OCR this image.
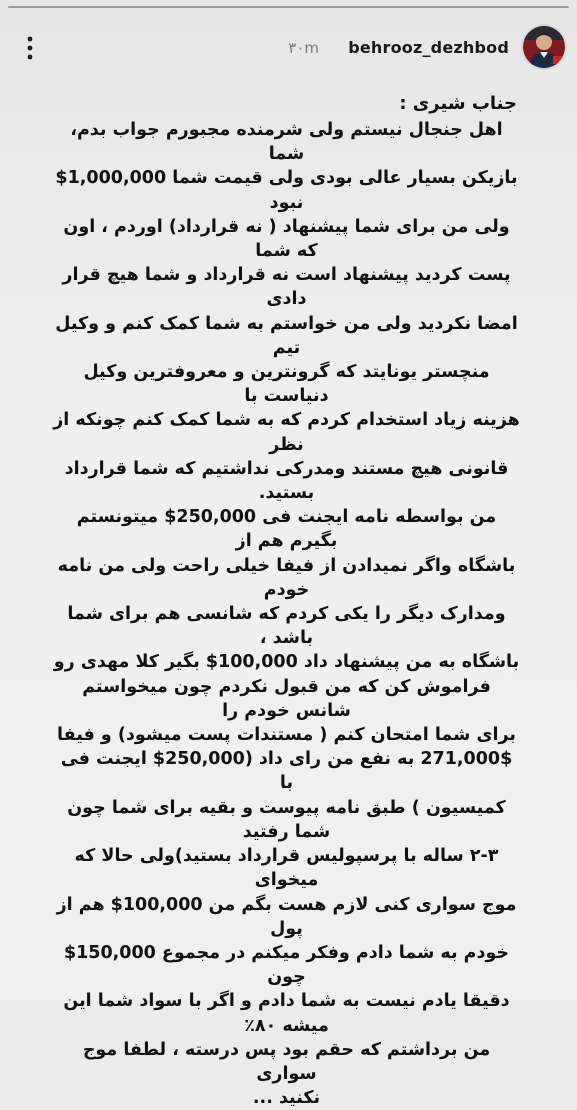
۳۰m behrooz_dezhbod

جناب شیری :

اهل جنجال نیستم ولی شرمنده مجبورم جواب بدم، شما
بازیکن بسیار عالی بودی ولی قیمت شما 1,000,000$ نبود
ولی من برای شما پیشنهاد ( نه قرارداد) اوردم ، اون که شما
پست کردید پیشنهاد است نه قرارداد و شما هیچ قرار دادی
امضا نکردید ولی من خواستم به شما کمک کنم و وکیل تیم
منچستر یونایتد که گرونترین و معروفترین وکیل دنیاست با
هزینه زیاد استخدام کردم که به شما کمک کنم چونکه از نظر
قانونی هیچ مستند ومدرکی نداشتیم که شما قرارداد بستید.
من بواسطه نامه ایجنت فی 250,000$ میتونستم بگیرم هم از
باشگاه واگر نمیدادن از فیفا خیلی راحت ولی من نامه خودم
ومدارک دیگر را یکی کردم که شانسی هم برای شما باشد ،
باشگاه به من پیشنهاد داد 100,000$ بگیر کلا مهدی رو
فراموش کن که من قبول نکردم چون میخواستم شانس خودم را
برای شما امتحان کنم ( مستندات پست میشود) و فیفا
271,000$ به نفع من رای داد (250,000$ ایجنت فی با
کمیسیون ) طبق نامه پیوست و بقیه برای شما چون شما رفتید
۲-۳ ساله با پرسپولیس قرارداد بستید)ولی حالا که میخوای
موج سواری کنی لازم هست بگم من 100,000$ هم از پول
خودم به شما دادم وفکر میکنم در مجموع 150,000$ چون
دقیقا یادم نیست به شما دادم و اگر با سواد شما این میشه ۸۰٪
من برداشتم که حقم بود پس درسته ، لطفا موج سواری
نکنید ...
